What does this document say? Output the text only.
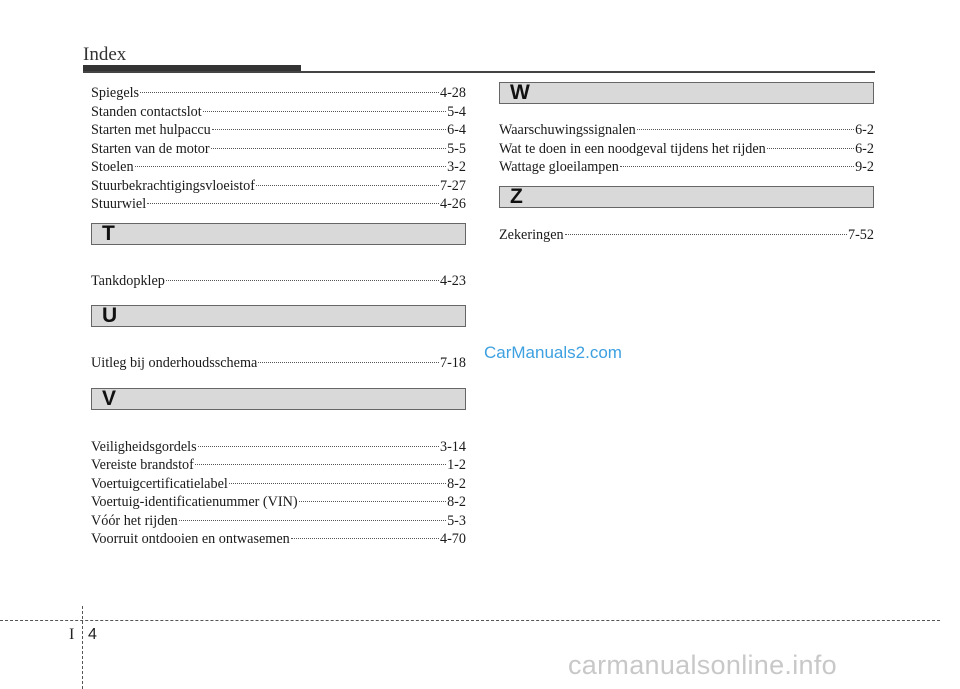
Index
Spiegels	4-28
Standen contactslot	5-4
Starten met hulpaccu	6-4
Starten van de motor	5-5
Stoelen	3-2
Stuurbekrachtigingsvloeistof	7-27
Stuurwiel	4-26
T
Tankdopklep	4-23
U
Uitleg bij onderhoudsschema	7-18
V
Veiligheidsgordels	3-14
Vereiste brandstof	1-2
Voertuigcertificatielabel	8-2
Voertuig-identificatienummer (VIN)	8-2
Vóór het rijden	5-3
Voorruit ontdooien en ontwasemen	4-70
W
Waarschuwingssignalen	6-2
Wat te doen in een noodgeval tijdens het rijden	6-2
Wattage gloeilampen	9-2
Z
Zekeringen	7-52
CarManuals2.com
carmanualsonline.info
I 4
